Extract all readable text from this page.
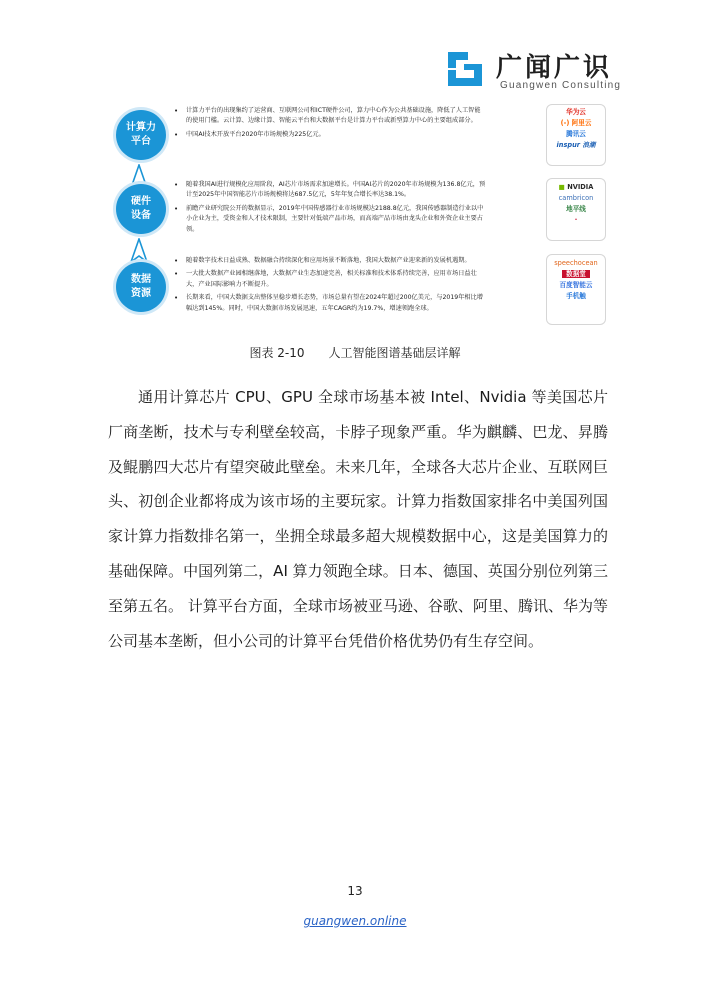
广闻广识
Guangwen Consulting
计算力
平台
• 计算力平台的出现集约了运营商、互联网公司和ICT硬件公司，算力中心作为公共基础设施，降低了人工智能的使用门槛。云计算、边缘计算、智能云平台和大数据平台是计算力平台或新型算力中心的主要组成部分。
• 中国AI技术开放平台2020年市场规模为225亿元。
华为云
(-) 阿里云
腾讯云
inspur 浪潮
硬件
设备
• 随着我国AI进行规模化应用阶段，AI芯片市场需求加速增长。中国AI芯片的2020年市场规模为136.8亿元，预计至2025年中国智能芯片市场规模将达687.5亿元，5年年复合增长率达38.1%。
• 前瞻产业研究院公开的数据显示，2019年中国传感器行业市场规模达2188.8亿元，我国传感器制造行业以中小企业为主，受资金和人才技术限制，主要针对低端产品市场，而高端产品市场由龙头企业和外资企业主要占领。
■ NVIDIA
cambricon
地平线
·
数据
资源
• 随着数字技术日益成熟、数据融合持续深化和应用场景不断落地，我国大数据产业迎来新的发展机遇期。
• 一大批大数据产业园相继落地，大数据产业生态加速完善，相关标准和技术体系持续完善，应用市场日益壮大，产业国际影响力不断提升。
• 长期来看，中国大数据支出整体呈稳步增长态势，市场总量有望在2024年超过200亿美元，与2019年相比增幅达到145%。同时，中国大数据市场发展迅速，五年CAGR约为19.7%，增速领跑全球。
speechocean
数据堂
百度智能云
手机触
图表 2-10　　人工智能图谱基础层详解

通用计算芯片 CPU、GPU 全球市场基本被 Intel、Nvidia 等美国芯片厂商垄断，技术与专利壁垒较高，卡脖子现象严重。华为麒麟、巴龙、昇腾及鲲鹏四大芯片有望突破此壁垒。未来几年，全球各大芯片企业、互联网巨头、初创企业都将成为该市场的主要玩家。计算力指数国家排名中美国列国家计算力指数排名第一，坐拥全球最多超大规模数据中心，这是美国算力的基础保障。中国列第二，AI 算力领跑全球。日本、德国、英国分别位列第三至第五名。 计算平台方面，全球市场被亚马逊、谷歌、阿里、腾讯、华为等公司基本垄断，但小公司的计算平台凭借价格优势仍有生存空间。

13
guangwen.online
